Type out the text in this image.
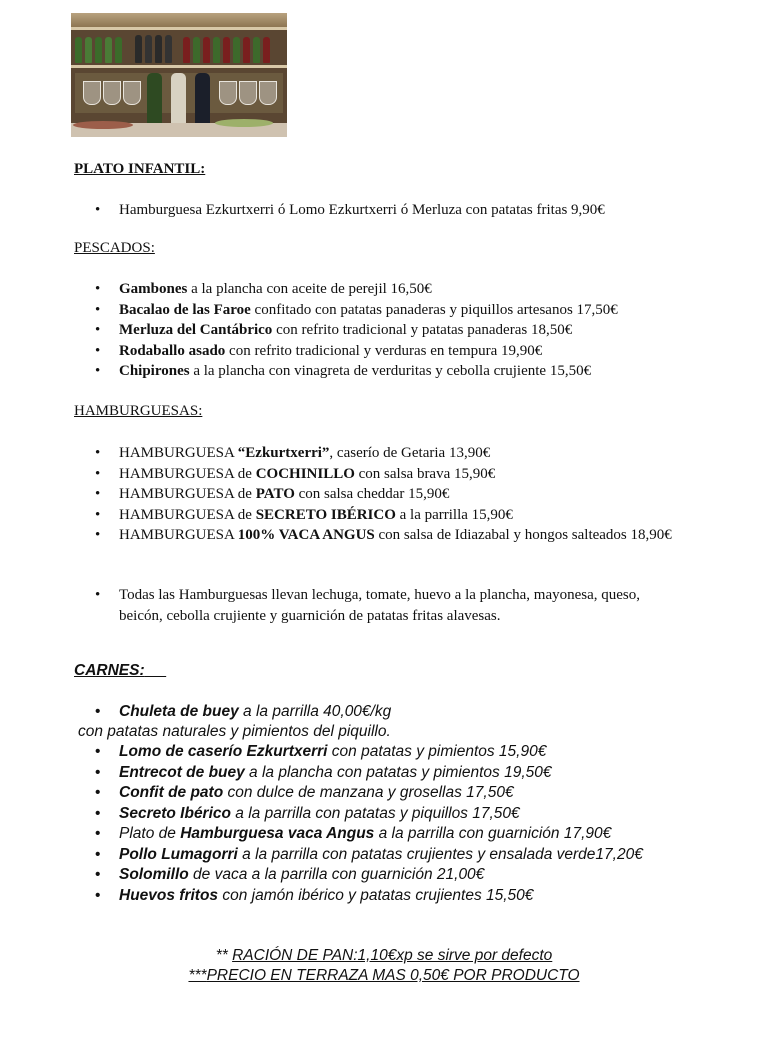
PLATO INFANTIL:
• Hamburguesa Ezkurtxerri ó Lomo Ezkurtxerri ó Merluza con patatas fritas 9,90€
PESCADOS:
• Gambones a la plancha con aceite de perejil 16,50€
• Bacalao de las Faroe confitado con patatas panaderas y piquillos artesanos 17,50€
• Merluza del Cantábrico con refrito tradicional y patatas panaderas 18,50€
• Rodaballo asado con refrito tradicional y verduras en tempura 19,90€
• Chipirones a la plancha con vinagreta de verduritas y cebolla crujiente 15,50€
HAMBURGUESAS:
• HAMBURGUESA “Ezkurtxerri”, caserío de Getaria 13,90€
• HAMBURGUESA de COCHINILLO con salsa brava 15,90€
• HAMBURGUESA de PATO con salsa cheddar 15,90€
• HAMBURGUESA de SECRETO IBÉRICO a la parrilla 15,90€
• HAMBURGUESA 100% VACA ANGUS con salsa de Idiazabal y hongos salteados 18,90€
• Todas las Hamburguesas llevan lechuga, tomate, huevo a la plancha, mayonesa, queso, beicón, cebolla crujiente y guarnición de patatas fritas alavesas.
CARNES:
• Chuleta de buey a la parrilla 40,00€/kg
con patatas naturales y pimientos del piquillo.
• Lomo de caserío Ezkurtxerri con patatas y pimientos 15,90€
• Entrecot de buey a la plancha con patatas y pimientos 19,50€
• Confit de pato con dulce de manzana y grosellas 17,50€
• Secreto Ibérico a la parrilla con patatas y piquillos 17,50€
• Plato de Hamburguesa vaca Angus a la parrilla con guarnición 17,90€
• Pollo Lumagorri a la parrilla con patatas crujientes y ensalada verde17,20€
• Solomillo de vaca a la parrilla con guarnición 21,00€
• Huevos fritos con jamón ibérico y patatas crujientes 15,50€
** RACIÓN DE PAN:1,10€xp se sirve por defecto
***PRECIO EN TERRAZA MAS 0,50€ POR PRODUCTO
